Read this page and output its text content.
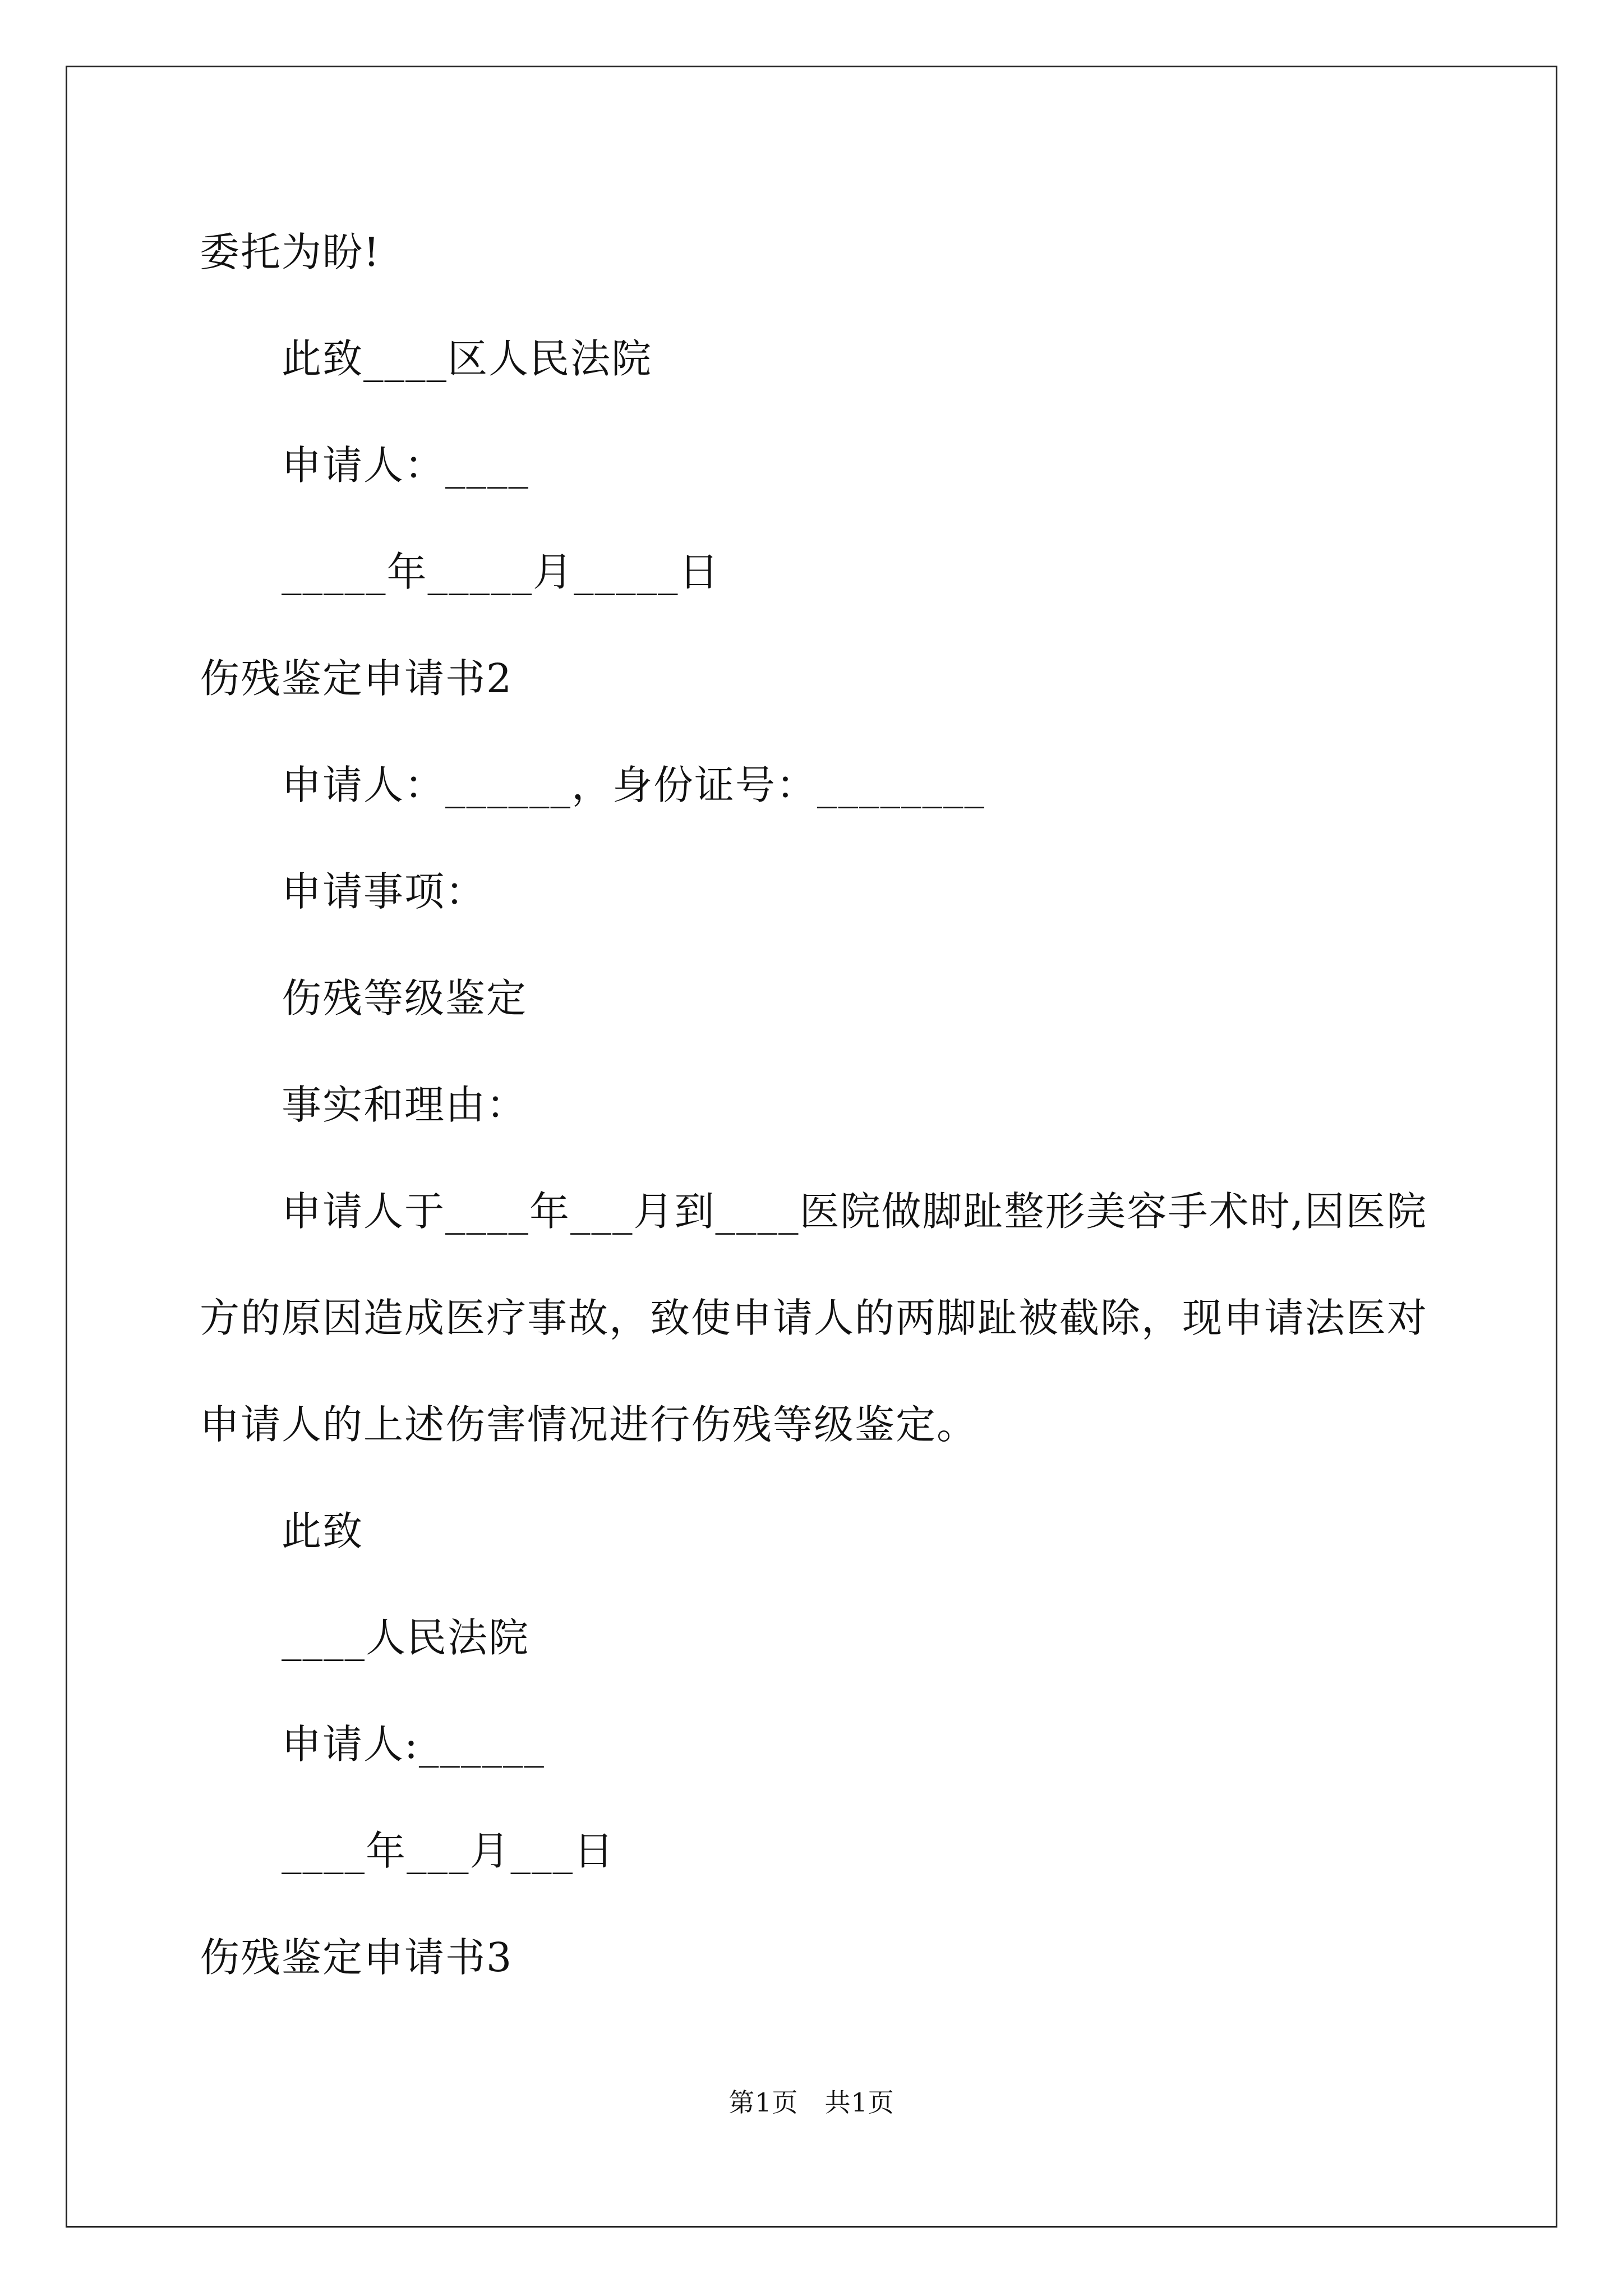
委托为盼!
此致____区人民法院
申请人：____
_____年_____月_____日
伤残鉴定申请书2
申请人：______，身份证号：________
申请事项：
伤残等级鉴定
事实和理由：
申请人于____年___月到____医院做脚趾整形美容手术时,因医院
方的原因造成医疗事故，致使申请人的两脚趾被截除，现申请法医对
申请人的上述伤害情况进行伤残等级鉴定。
此致
____人民法院
申请人:______
____年___月___日
伤残鉴定申请书3
第1页　共1页
